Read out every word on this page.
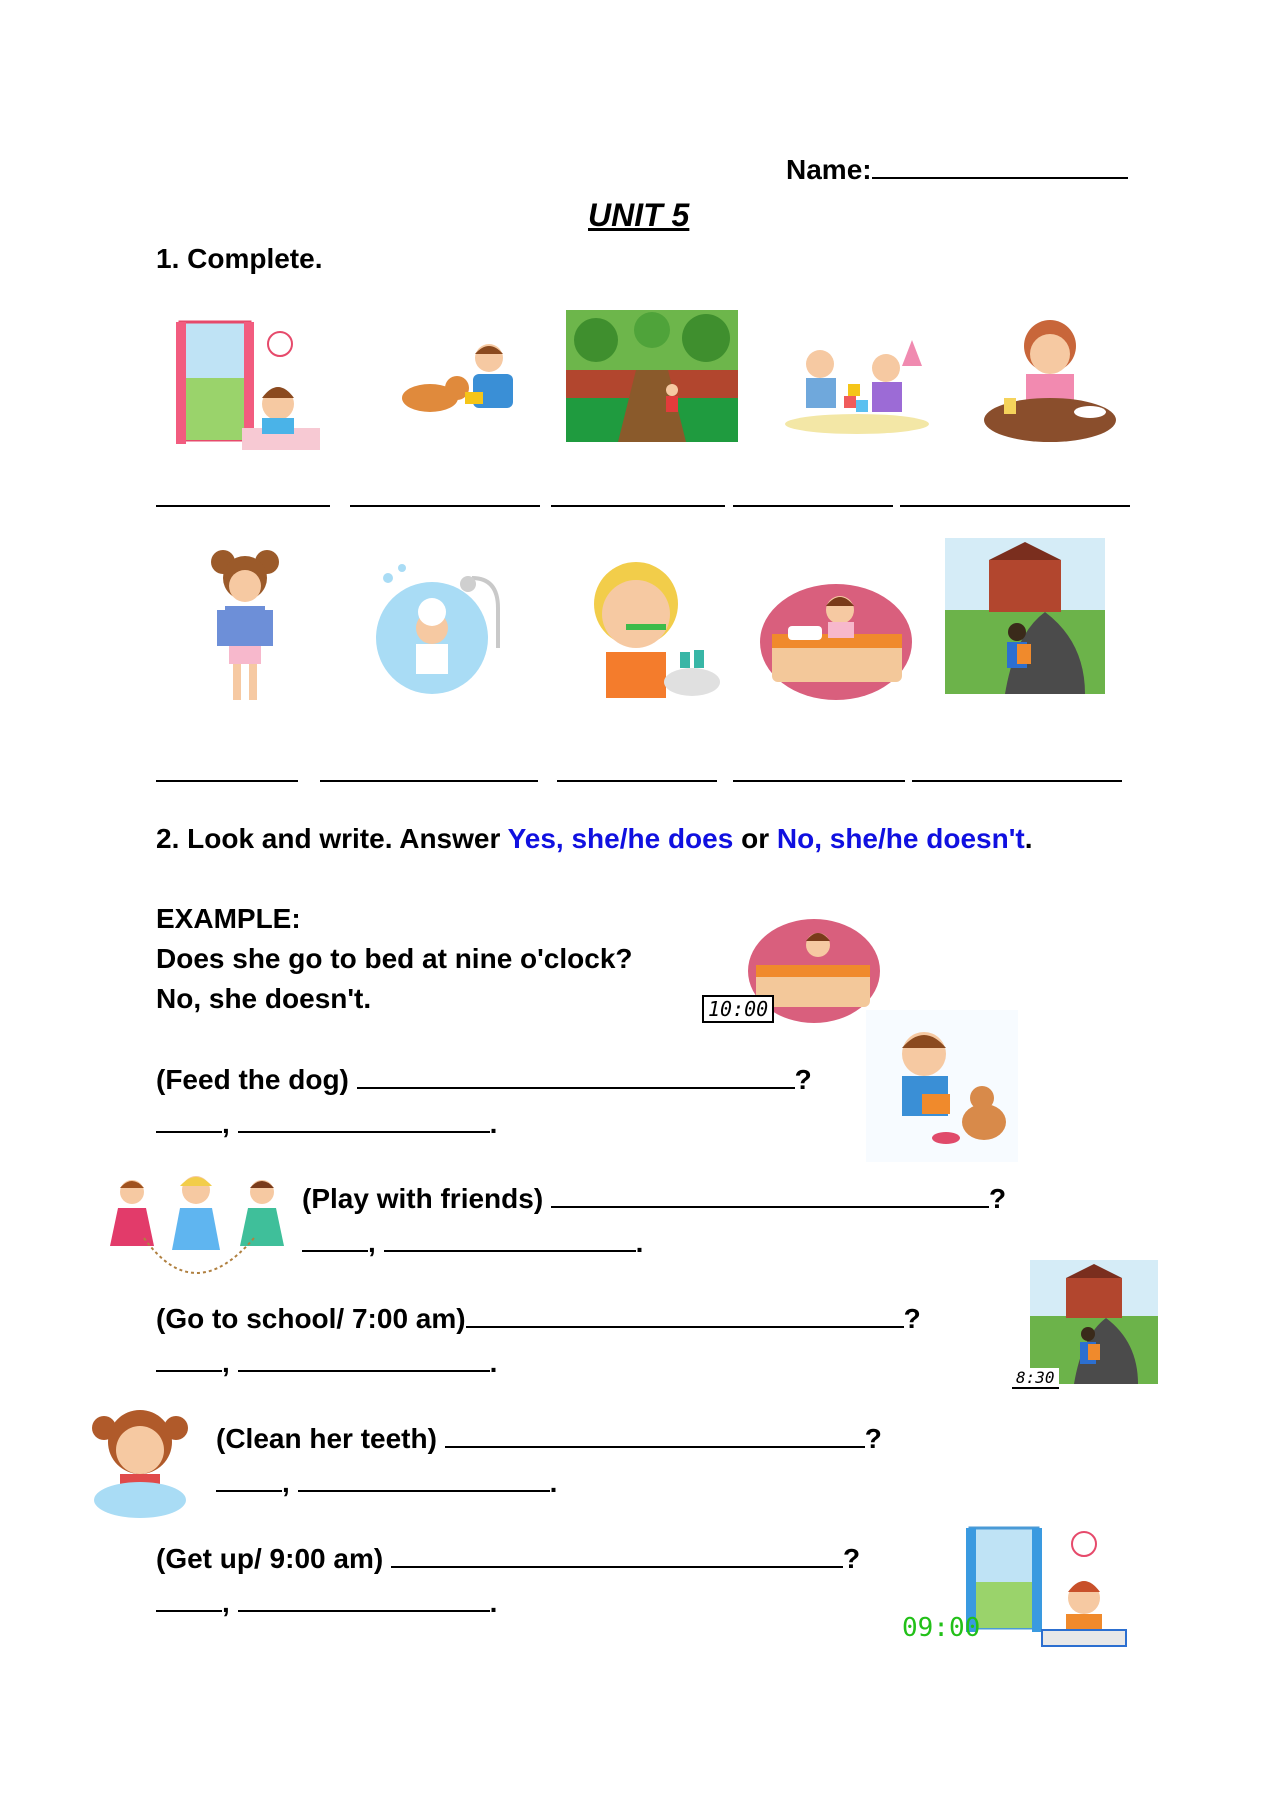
Name:
UNIT 5
1. Complete.
2. Look and write. Answer Yes, she/he does or No, she/he doesn't.
EXAMPLE:
Does she go to bed at nine o'clock?
No, she doesn't.	10:00
(Feed the dog)	?
,	.
(Play with friends)	?
,	.
(Go to school/ 7:00 am)	?
,	.	8:30
(Clean her teeth)	?
,	.
(Get up/ 9:00 am)	?
,	.
09:00
